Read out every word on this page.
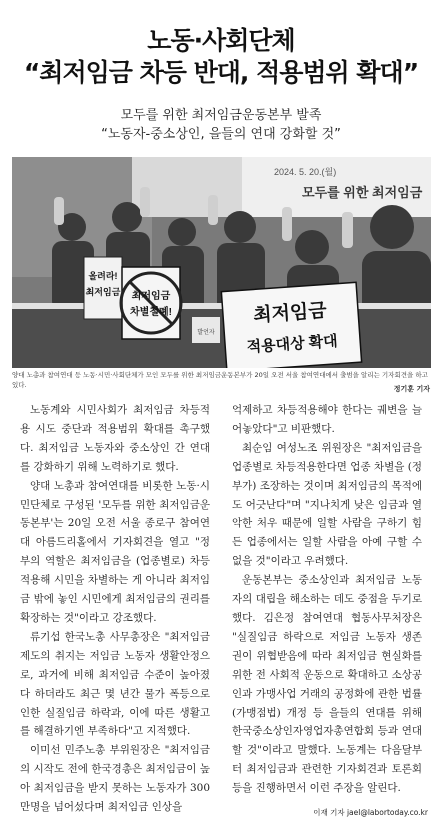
노동·사회단체
“최저임금 차등 반대, 적용범위 확대”
모두를 위한 최저임금운동본부 발족
“노동자-중소상인, 을들의 연대 강화할 것”
2024. 5. 20.(월)
모두를 위한 최저임금
올려라!
최저임금 최저임금
차별철폐!
발언자
최저임금
적용대상 확대
양대 노총과 참여연대 등 노동·시민·사회단체가 모인 모두를 위한 최저임금운동본부가 20일 오전 서울 참여연대에서 출범을 알리는 기자회견을 하고 있다.	정기훈 기자

노동계와 시민사회가 최저임금 차등적용 시도 중단과 적용범위 확대를 촉구했다. 최저임금 노동자와 중소상인 간 연대를 강화하기 위해 노력하기로 했다.

양대 노총과 참여연대를 비롯한 노동·시민단체로 구성된 '모두를 위한 최저임금운동본부'는 20일 오전 서울 종로구 참여연대 아름드리홀에서 기자회견을 열고 "정부의 역할은 최저임금을 (업종별로) 차등적용해 시민을 차별하는 게 아니라 최저임금 밖에 놓인 시민에게 최저임금의 권리를 확장하는 것"이라고 강조했다.

류기섭 한국노총 사무총장은 "최저임금제도의 취지는 저임금 노동자 생활안정으로, 과거에 비해 최저임금 수준이 높아졌다 하더라도 최근 몇 년간 물가 폭등으로 인한 실질임금 하락과, 이에 따른 생활고를 해결하기엔 부족하다"고 지적했다.

이미선 민주노총 부위원장은 "최저임금의 시작도 전에 한국경총은 최저임금이 높아 최저임금을 받지 못하는 노동자가 300만명을 넘어섰다며 최저임금 인상을

억제하고 차등적용해야 한다는 궤변을 늘어놓았다"고 비판했다.

최순임 여성노조 위원장은 "최저임금을 업종별로 차등적용한다면 업종 차별을 (정부가) 조장하는 것이며 최저임금의 목적에도 어긋난다"며 "지나치게 낮은 임금과 열악한 처우 때문에 일할 사람을 구하기 힘든 업종에서는 일할 사람을 아예 구할 수 없을 것"이라고 우려했다.

운동본부는 중소상인과 최저임금 노동자의 대립을 해소하는 데도 중점을 두기로 했다. 김은정 참여연대 협동사무처장은 "실질임금 하락으로 저임금 노동자 생존권이 위협받음에 따라 최저임금 현실화를 위한 전 사회적 운동으로 확대하고 소상공인과 가맹사업 거래의 공정화에 관한 법률(가맹점법) 개정 등 을들의 연대를 위해 한국중소상인자영업자총연합회 등과 연대할 것"이라고 말했다. 노동계는 다음달부터 최저임금과 관련한 기자회견과 토론회 등을 진행하면서 이런 주장을 알린다.

이재 기자 jael@labortoday.co.kr
